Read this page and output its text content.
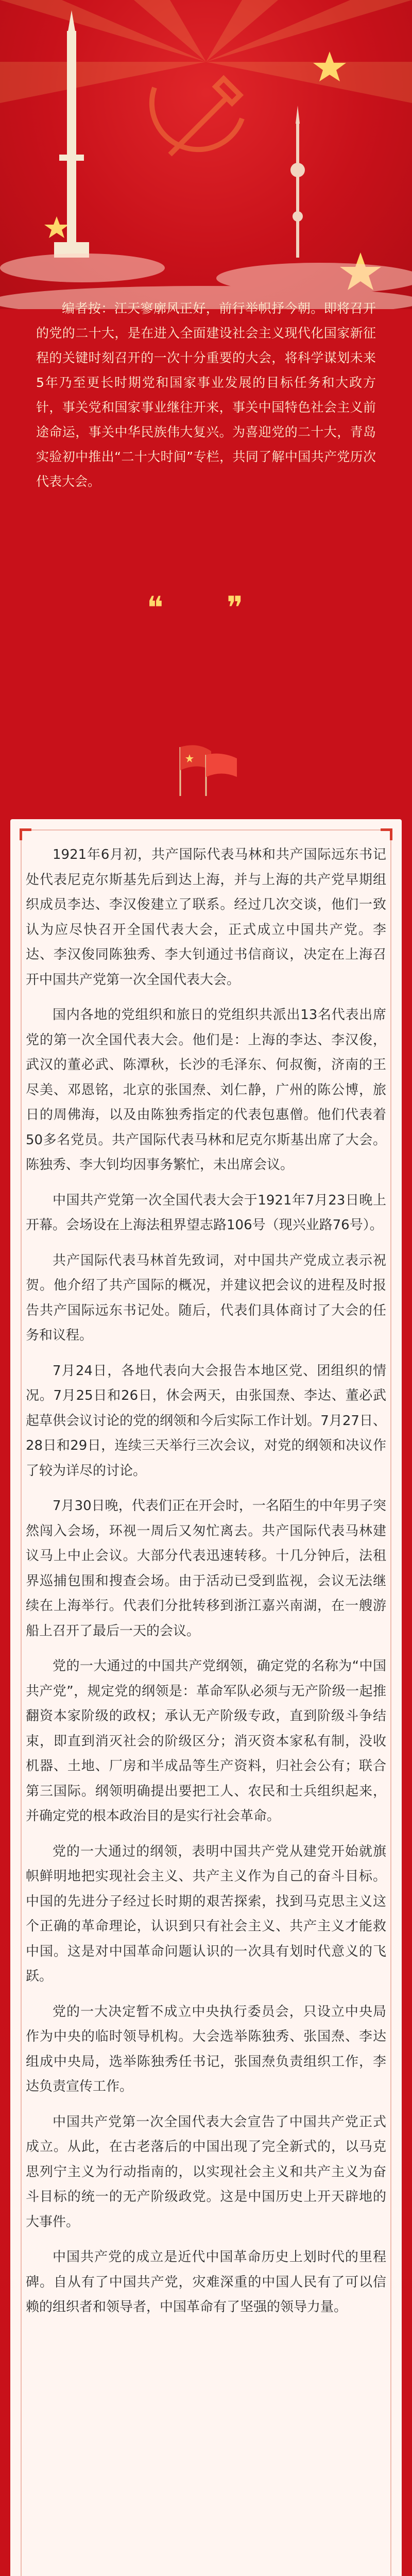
编者按：江天寥廓风正好，前行举帜抒今朝。即将召开的党的二十大，是在进入全面建设社会主义现代化国家新征程的关键时刻召开的一次十分重要的大会，将科学谋划未来5年乃至更长时期党和国家事业发展的目标任务和大政方针，事关党和国家事业继往开来，事关中国特色社会主义前途命运，事关中华民族伟大复兴。为喜迎党的二十大，青岛实验初中推出“二十大时间”专栏，共同了解中国共产党历次代表大会。
❝ ❞

1921年6月初，共产国际代表马林和共产国际远东书记处代表尼克尔斯基先后到达上海，并与上海的共产党早期组织成员李达、李汉俊建立了联系。经过几次交谈，他们一致认为应尽快召开全国代表大会，正式成立中国共产党。李达、李汉俊同陈独秀、李大钊通过书信商议，决定在上海召开中国共产党第一次全国代表大会。

国内各地的党组织和旅日的党组织共派出13名代表出席党的第一次全国代表大会。他们是：上海的李达、李汉俊，武汉的董必武、陈潭秋，长沙的毛泽东、何叔衡，济南的王尽美、邓恩铭，北京的张国焘、刘仁静，广州的陈公博，旅日的周佛海，以及由陈独秀指定的代表包惠僧。他们代表着50多名党员。共产国际代表马林和尼克尔斯基出席了大会。陈独秀、李大钊均因事务繁忙，未出席会议。

中国共产党第一次全国代表大会于1921年7月23日晚上开幕。会场设在上海法租界望志路106号（现兴业路76号）。

共产国际代表马林首先致词，对中国共产党成立表示祝贺。他介绍了共产国际的概况，并建议把会议的进程及时报告共产国际远东书记处。随后，代表们具体商讨了大会的任务和议程。

7月24日，各地代表向大会报告本地区党、团组织的情况。7月25日和26日，休会两天，由张国焘、李达、董必武起草供会议讨论的党的纲领和今后实际工作计划。7月27日、28日和29日，连续三天举行三次会议，对党的纲领和决议作了较为详尽的讨论。

7月30日晚，代表们正在开会时，一名陌生的中年男子突然闯入会场，环视一周后又匆忙离去。共产国际代表马林建议马上中止会议。大部分代表迅速转移。十几分钟后，法租界巡捕包围和搜查会场。由于活动已受到监视，会议无法继续在上海举行。代表们分批转移到浙江嘉兴南湖，在一艘游船上召开了最后一天的会议。

党的一大通过的中国共产党纲领，确定党的名称为“中国共产党”，规定党的纲领是：革命军队必须与无产阶级一起推翻资本家阶级的政权；承认无产阶级专政，直到阶级斗争结束，即直到消灭社会的阶级区分；消灭资本家私有制，没收机器、土地、厂房和半成品等生产资料，归社会公有；联合第三国际。纲领明确提出要把工人、农民和士兵组织起来，并确定党的根本政治目的是实行社会革命。

党的一大通过的纲领，表明中国共产党从建党开始就旗帜鲜明地把实现社会主义、共产主义作为自己的奋斗目标。中国的先进分子经过长时期的艰苦探索，找到马克思主义这个正确的革命理论，认识到只有社会主义、共产主义才能救中国。这是对中国革命问题认识的一次具有划时代意义的飞跃。

党的一大决定暂不成立中央执行委员会，只设立中央局作为中央的临时领导机构。大会选举陈独秀、张国焘、李达组成中央局，选举陈独秀任书记，张国焘负责组织工作，李达负责宣传工作。

中国共产党第一次全国代表大会宣告了中国共产党正式成立。从此，在古老落后的中国出现了完全新式的，以马克思列宁主义为行动指南的，以实现社会主义和共产主义为奋斗目标的统一的无产阶级政党。这是中国历史上开天辟地的大事件。

中国共产党的成立是近代中国革命历史上划时代的里程碑。自从有了中国共产党，灾难深重的中国人民有了可以信赖的组织者和领导者，中国革命有了坚强的领导力量。
